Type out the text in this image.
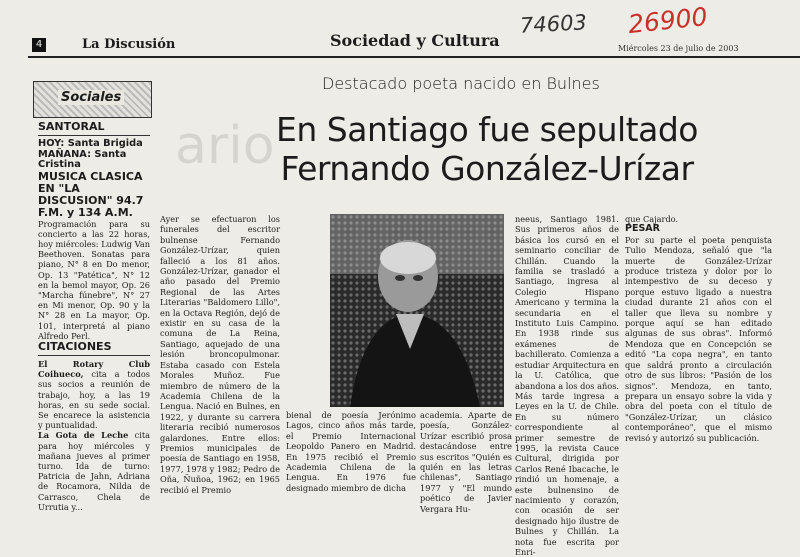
4	La Discusión	Sociedad y Cultura	Miércoles 23 de julio de 2003
74603 26900
Sociales
SANTORAL
HOY: Santa Brigida
MAÑANA: Santa Cristina
MUSICA CLASICA EN "LA DISCUSION" 94.7 F.M. y 134 A.M.
Programación para su concierto a las 22 horas, hoy miércoles: Ludwig Van Beethoven. Sonatas para piano, N° 8 en Do menor, Op. 13 "Patética", N° 12 en la bemol mayor, Op. 26 "Marcha fúnebre", N° 27 en Mi menor, Op. 90 y la N° 28 en La mayor, Op. 101, interpretá al piano Alfredo Perl.
CITACIONES
El Rotary Club Coihueco, cita a todos sus socios a reunión de trabajo, hoy, a las 19 horas, en su sede social. Se encarece la asistencia y puntualidad.
La Gota de Leche cita para hoy miércoles y mañana jueves al primer turno. Ida de turno: Patricia de Jahn, Adriana de Rocamora, Nilda de Carrasco, Chela de Urrutia y...
ario
Destacado poeta nacido en Bulnes
En Santiago fue sepultado
Fernando González-Urízar
Ayer se efectuaron los funerales del escritor bulnense Fernando González-Urízar, quien falleció a los 81 años. González-Urízar, ganador el año pasado del Premio Regional de las Artes Literarias "Baldomero Lillo", en la Octava Región, dejó de existir en su casa de la comuna de La Reina, Santiago, aquejado de una lesión broncopulmonar. Estaba casado con Estela Morales Muñoz. Fue miembro de número de la Academia Chilena de la Lengua. Nació en Bulnes, en 1922, y durante su carrera literaria recibió numerosos galardones. Entre ellos: Premios municipales de poesía de Santiago en 1958, 1977, 1978 y 1982; Pedro de Oña, Ñuñoa, 1962; en 1965 recibió el Premio
bienal de poesía Jerónimo Lagos, cinco años más tarde, el Premio Internacional Leopoldo Panero en Madrid. En 1975 recibió el Premio Academia Chilena de la Lengua. En 1976 fue designado miembro de dicha
academia. Aparte de poesía, González-Urízar escribió prosa destacándose entre sus escritos "Quién es quién en las letras chilenas", Santiago 1977 y "El mundo poético de Javier Vergara Hu-
neeus, Santiago 1981. Sus primeros años de básica los cursó en el seminario conciliar de Chillán. Cuando la familia se trasladó a Santiago, ingresa al Colegio Hispano Americano y termina la secundaria en el Instituto Luis Campino. En 1938 rinde sus exámenes de bachillerato. Comienza a estudiar Arquitectura en la U. Católica, que abandona a los dos años. Más tarde ingresa a Leyes en la U. de Chile. En su número correspondiente al primer semestre de 1995, la revista Cauce Cultural, dirigida por Carlos René Ibacache, le rindió un homenaje, a este bulnensino de nacimiento y corazón, con ocasión de ser designado hijo ilustre de Bulnes y Chillán. La nota fue escrita por Enri-
que Cajardo.
PESAR
Por su parte el poeta penquista Tulio Mendoza, señaló que "la muerte de González-Urízar produce tristeza y dolor por lo intempestivo de su deceso y porque estuvo ligado a nuestra ciudad durante 21 años con el taller que lleva su nombre y porque aquí se han editado algunas de sus obras". Informó Mendoza que en Concepción se editó "La copa negra", en tanto que saldrá pronto a circulación otro de sus libros: "Pasión de los signos". Mendoza, en tanto, prepara un ensayo sobre la vida y obra del poeta con el título de "González-Urízar, un clásico contemporáneo", que el mismo revisó y autorizó su publicación.
